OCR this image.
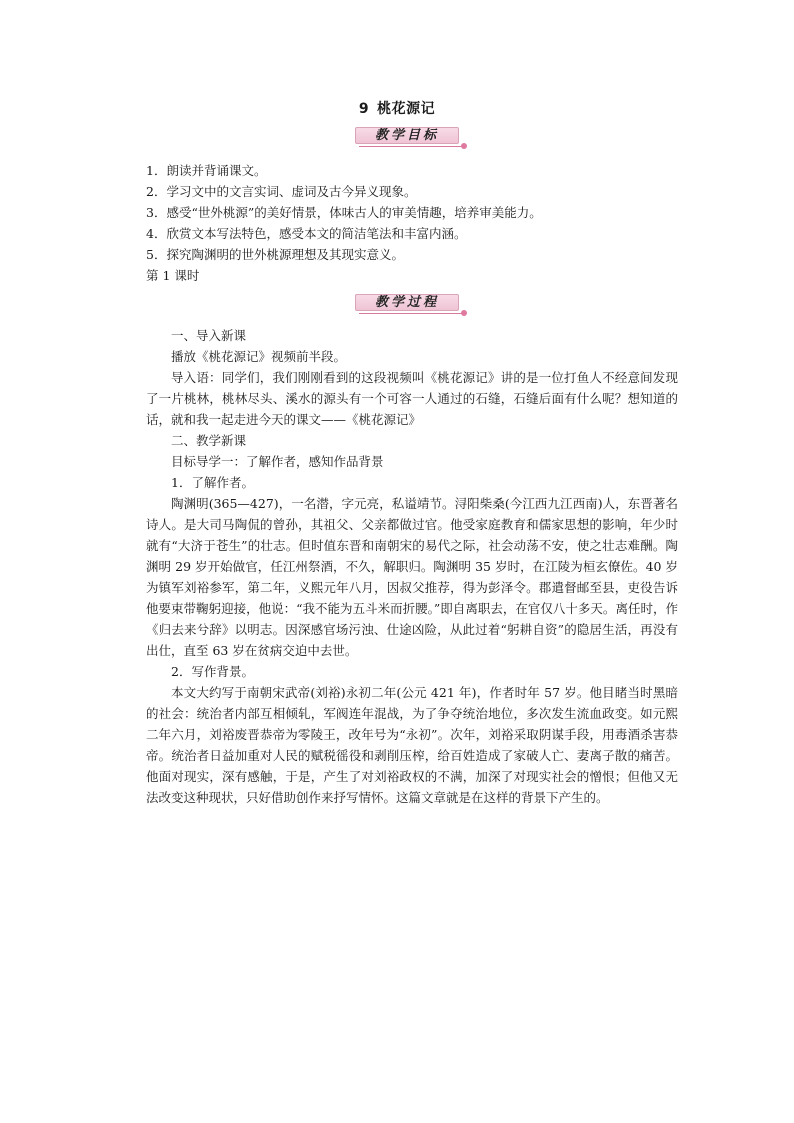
9 桃花源记
教学目标
1．朗读并背诵课文。
2．学习文中的文言实词、虚词及古今异义现象。
3．感受“世外桃源”的美好情景，体味古人的审美情趣，培养审美能力。
4．欣赏文本写法特色，感受本文的简洁笔法和丰富内涵。
5．探究陶渊明的世外桃源理想及其现实意义。
第 1 课时
教学过程
一、导入新课
播放《桃花源记》视频前半段。

导入语：同学们，我们刚刚看到的这段视频叫《桃花源记》讲的是一位打鱼人不经意间发现了一片桃林，桃林尽头、溪水的源头有一个可容一人通过的石缝，石缝后面有什么呢？想知道的话，就和我一起走进今天的课文——《桃花源记》

二、教学新课
目标导学一：了解作者，感知作品背景
1．了解作者。

陶渊明(365—427)，一名潜，字元亮，私谥靖节。浔阳柴桑(今江西九江西南)人，东晋著名诗人。是大司马陶侃的曾孙，其祖父、父亲都做过官。他受家庭教育和儒家思想的影响，年少时就有“大济于苍生”的壮志。但时值东晋和南朝宋的易代之际，社会动荡不安，使之壮志难酬。陶渊明 29 岁开始做官，任江州祭酒，不久，解职归。陶渊明 35 岁时，在江陵为桓玄僚佐。40 岁为镇军刘裕参军，第二年，义熙元年八月，因叔父推荐，得为彭泽令。郡遣督邮至县，吏役告诉他要束带鞠躬迎接，他说：“我不能为五斗米而折腰。”即自离职去，在官仅八十多天。离任时，作《归去来兮辞》以明志。因深感官场污浊、仕途凶险，从此过着“躬耕自资”的隐居生活，再没有出仕，直至 63 岁在贫病交迫中去世。

2．写作背景。

本文大约写于南朝宋武帝(刘裕)永初二年(公元 421 年)，作者时年 57 岁。他目睹当时黑暗的社会：统治者内部互相倾轧，军阀连年混战，为了争夺统治地位，多次发生流血政变。如元熙二年六月，刘裕废晋恭帝为零陵王，改年号为“永初”。次年，刘裕采取阴谋手段，用毒酒杀害恭帝。统治者日益加重对人民的赋税徭役和剥削压榨，给百姓造成了家破人亡、妻离子散的痛苦。他面对现实，深有感触，于是，产生了对刘裕政权的不满，加深了对现实社会的憎恨；但他又无法改变这种现状，只好借助创作来抒写情怀。这篇文章就是在这样的背景下产生的。
